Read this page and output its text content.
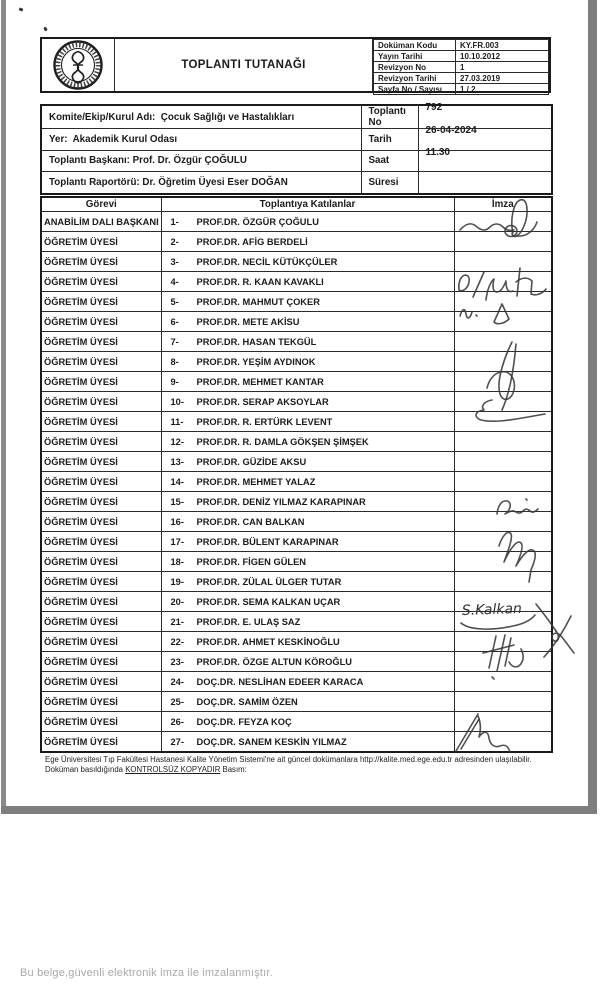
TOPLANTI TUTANAĞI
Doküman Kodu	KY.FR.003
Yayın Tarihi	10.10.2012
Revizyon No	1
Revizyon Tarihi	27.03.2019
Sayfa No / Sayısı	1 / 2
Komite/Ekip/Kurul Adı:  Çocuk Sağlığı ve Hastalıkları	Toplantı No	792
Yer:  Akademik Kurul Odası	Tarih	26-04-2024
Toplantı Başkanı: Prof. Dr. Özgür ÇOĞULU	Saat	11.30
Toplantı Raportörü: Dr. Öğretim Üyesi Eser DOĞAN	Süresi	
Görevi	Toplantıya Katılanlar	İmza
ANABİLİM DALI BAŞKANI	1- PROF.DR. ÖZGÜR ÇOĞULU	
ÖĞRETİM ÜYESİ	2- PROF.DR. AFİG BERDELİ	
ÖĞRETİM ÜYESİ	3- PROF.DR. NECİL KÜTÜKÇÜLER	
ÖĞRETİM ÜYESİ	4- PROF.DR. R. KAAN KAVAKLI	
ÖĞRETİM ÜYESİ	5- PROF.DR. MAHMUT ÇOKER	
ÖĞRETİM ÜYESİ	6- PROF.DR. METE AKİSU	
ÖĞRETİM ÜYESİ	7- PROF.DR. HASAN TEKGÜL	
ÖĞRETİM ÜYESİ	8- PROF.DR. YEŞİM AYDINOK	
ÖĞRETİM ÜYESİ	9- PROF.DR. MEHMET KANTAR	
ÖĞRETİM ÜYESİ	10- PROF.DR. SERAP AKSOYLAR	
ÖĞRETİM ÜYESİ	11- PROF.DR. R. ERTÜRK LEVENT	
ÖĞRETİM ÜYESİ	12- PROF.DR. R. DAMLA GÖKŞEN ŞİMŞEK	
ÖĞRETİM ÜYESİ	13- PROF.DR. GÜZİDE AKSU	
ÖĞRETİM ÜYESİ	14- PROF.DR. MEHMET YALAZ	
ÖĞRETİM ÜYESİ	15- PROF.DR. DENİZ YILMAZ KARAPINAR	
ÖĞRETİM ÜYESİ	16- PROF.DR. CAN BALKAN	
ÖĞRETİM ÜYESİ	17- PROF.DR. BÜLENT KARAPINAR	
ÖĞRETİM ÜYESİ	18- PROF.DR. FİGEN GÜLEN	
ÖĞRETİM ÜYESİ	19- PROF.DR. ZÜLAL ÜLGER TUTAR	
ÖĞRETİM ÜYESİ	20- PROF.DR. SEMA KALKAN UÇAR	
ÖĞRETİM ÜYESİ	21- PROF.DR. E. ULAŞ SAZ	
ÖĞRETİM ÜYESİ	22- PROF.DR. AHMET KESKİNOĞLU	
ÖĞRETİM ÜYESİ	23- PROF.DR. ÖZGE ALTUN KÖROĞLU	
ÖĞRETİM ÜYESİ	24- DOÇ.DR. NESLİHAN EDEER KARACA	
ÖĞRETİM ÜYESİ	25- DOÇ.DR. SAMİM ÖZEN	
ÖĞRETİM ÜYESİ	26- DOÇ.DR. FEYZA KOÇ	
ÖĞRETİM ÜYESİ	27- DOÇ.DR. SANEM KESKİN YILMAZ	
Ege Üniversitesi Tıp Fakültesi Hastanesi Kalite Yönetim Sistemi'ne ait güncel dokümanlara http://kalite.med.ege.edu.tr adresinden ulaşılabilir.
Doküman basıldığında KONTROLSÜZ KOPYADIR Basım:
Bu belge,güvenli elektronik imza ile imzalanmıştır.
S.Kalkan
